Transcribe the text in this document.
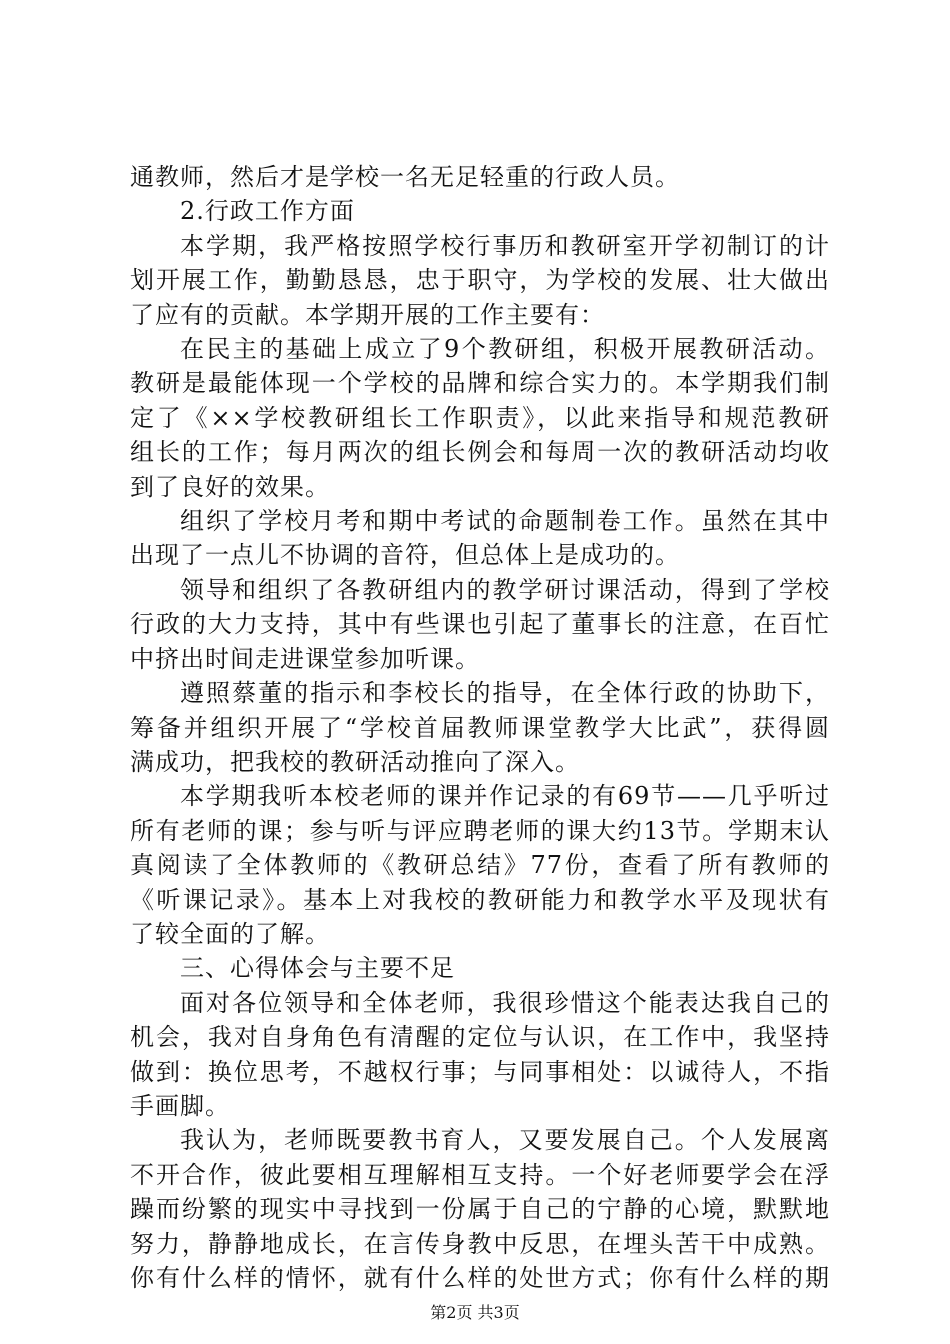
通教师，然后才是学校一名无足轻重的行政人员。
2.行政工作方面
本学期，我严格按照学校行事历和教研室开学初制订的计
划开展工作，勤勤恳恳，忠于职守，为学校的发展、壮大做出
了应有的贡献。本学期开展的工作主要有：
在民主的基础上成立了9个教研组，积极开展教研活动。
教研是最能体现一个学校的品牌和综合实力的。本学期我们制
定了《××学校教研组长工作职责》，以此来指导和规范教研
组长的工作；每月两次的组长例会和每周一次的教研活动均收
到了良好的效果。
组织了学校月考和期中考试的命题制卷工作。虽然在其中
出现了一点儿不协调的音符，但总体上是成功的。
领导和组织了各教研组内的教学研讨课活动，得到了学校
行政的大力支持，其中有些课也引起了董事长的注意，在百忙
中挤出时间走进课堂参加听课。
遵照蔡董的指示和李校长的指导，在全体行政的协助下，
筹备并组织开展了“学校首届教师课堂教学大比武”，获得圆
满成功，把我校的教研活动推向了深入。
本学期我听本校老师的课并作记录的有69节——几乎听过
所有老师的课；参与听与评应聘老师的课大约13节。学期末认
真阅读了全体教师的《教研总结》77份，查看了所有教师的
《听课记录》。基本上对我校的教研能力和教学水平及现状有
了较全面的了解。
三、心得体会与主要不足
面对各位领导和全体老师，我很珍惜这个能表达我自己的
机会，我对自身角色有清醒的定位与认识，在工作中，我坚持
做到：换位思考，不越权行事；与同事相处：以诚待人，不指
手画脚。
我认为，老师既要教书育人，又要发展自己。个人发展离
不开合作，彼此要相互理解相互支持。一个好老师要学会在浮
躁而纷繁的现实中寻找到一份属于自己的宁静的心境，默默地
努力，静静地成长，在言传身教中反思，在埋头苦干中成熟。
你有什么样的情怀，就有什么样的处世方式；你有什么样的期
第2页 共3页
